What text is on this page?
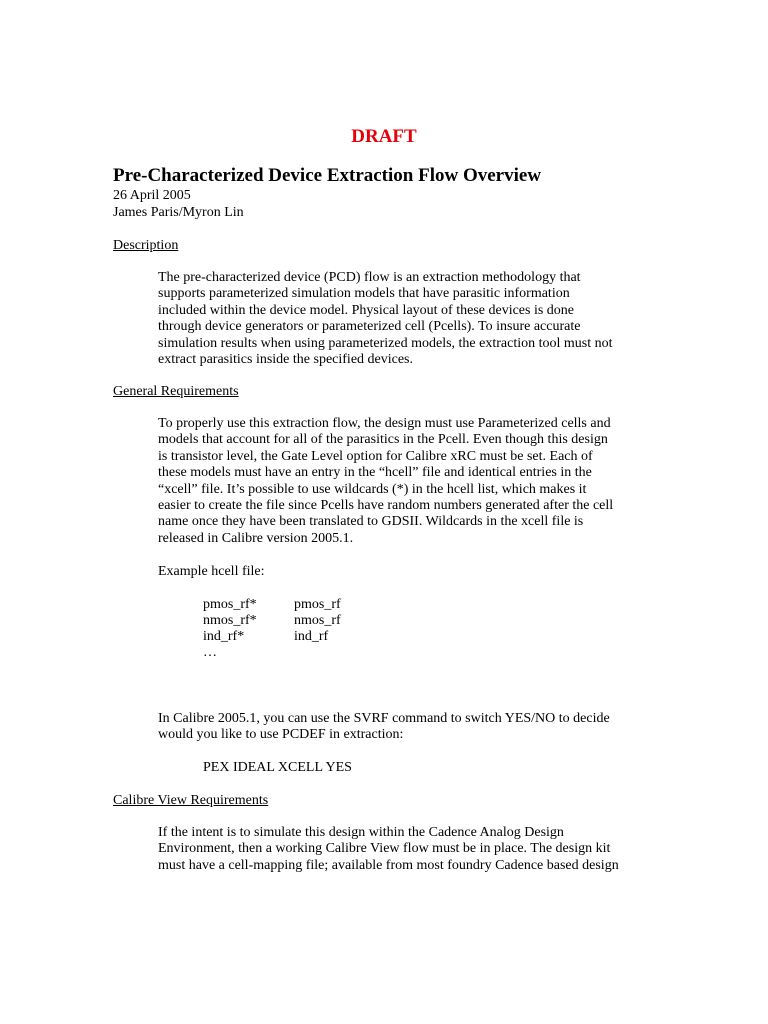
DRAFT
Pre-Characterized Device Extraction Flow Overview
26 April 2005
James Paris/Myron Lin
Description
The pre-characterized device (PCD) flow is an extraction methodology that
supports parameterized simulation models that have parasitic information
included within the device model. Physical layout of these devices is done
through device generators or parameterized cell (Pcells). To insure accurate
simulation results when using parameterized models, the extraction tool must not
extract parasitics inside the specified devices.
General Requirements
To properly use this extraction flow, the design must use Parameterized cells and
models that account for all of the parasitics in the Pcell. Even though this design
is transistor level, the Gate Level option for Calibre xRC must be set. Each of
these models must have an entry in the “hcell” file and identical entries in the
“xcell” file. It’s possible to use wildcards (*) in the hcell list, which makes it
easier to create the file since Pcells have random numbers generated after the cell
name once they have been translated to GDSII. Wildcards in the xcell file is
released in Calibre version 2005.1.
Example hcell file:
pmos_rf*	pmos_rf
nmos_rf*	nmos_rf
ind_rf*	ind_rf
…
In Calibre 2005.1, you can use the SVRF command to switch YES/NO to decide
would you like to use PCDEF in extraction:
PEX IDEAL XCELL YES
Calibre View Requirements
If the intent is to simulate this design within the Cadence Analog Design
Environment, then a working Calibre View flow must be in place. The design kit
must have a cell-mapping file; available from most foundry Cadence based design
